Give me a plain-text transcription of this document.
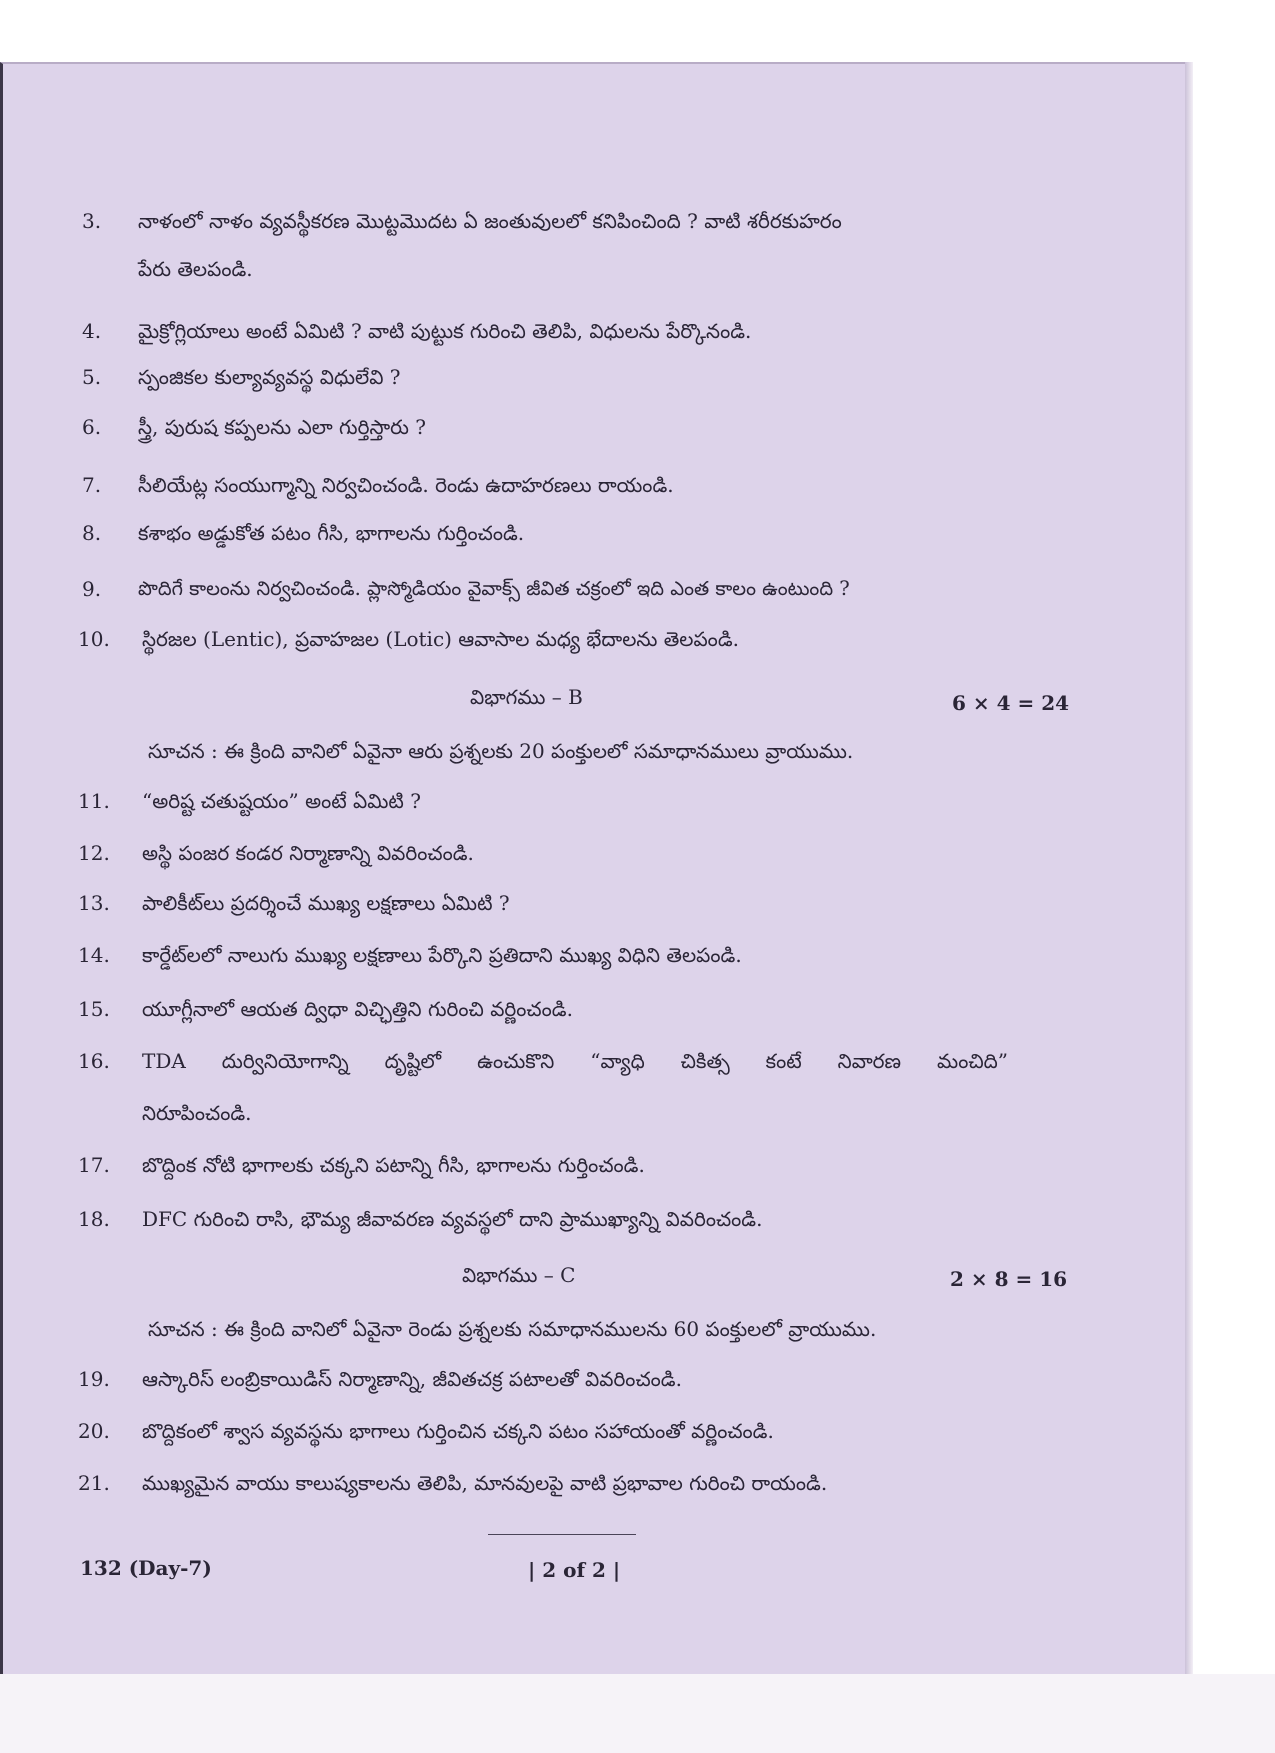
3.	నాళంలో నాళం వ్యవస్థీకరణ మొట్టమొదట ఏ జంతువులలో కనిపించింది ? వాటి శరీరకుహరం
పేరు తెలపండి.
4.	మైక్రోగ్లియాలు అంటే ఏమిటి ? వాటి పుట్టుక గురించి తెలిపి, విధులను పేర్కొనండి.
5.	స్పంజికల కుల్యావ్యవస్థ విధులేవి ?
6.	స్త్రీ, పురుష కప్పలను ఎలా గుర్తిస్తారు ?
7.	సీలియేట్ల సంయుగ్మాన్ని నిర్వచించండి. రెండు ఉదాహరణలు రాయండి.
8.	కశాభం అడ్డుకోత పటం గీసి, భాగాలను గుర్తించండి.
9.	పొదిగే కాలంను నిర్వచించండి. ప్లాస్మోడియం వైవాక్స్ జీవిత చక్రంలో ఇది ఎంత కాలం ఉంటుంది ?
10.	స్థిరజల (Lentic), ప్రవాహజల (Lotic) ఆవాసాల మధ్య భేదాలను తెలపండి.
విభాగము – B	6 × 4 = 24
సూచన : ఈ క్రింది వానిలో ఏవైనా ఆరు ప్రశ్నలకు 20 పంక్తులలో సమాధానములు వ్రాయుము.
11.	“అరిష్ట చతుష్టయం” అంటే ఏమిటి ?
12.	అస్థి పంజర కండర నిర్మాణాన్ని వివరించండి.
13.	పాలికీట్‌లు ప్రదర్శించే ముఖ్య లక్షణాలు ఏమిటి ?
14.	కార్డేట్‌లలో నాలుగు ముఖ్య లక్షణాలు పేర్కొని ప్రతిదాని ముఖ్య విధిని తెలపండి.
15.	యూగ్లీనాలో ఆయత ద్విధా విచ్ఛిత్తిని గురించి వర్ణించండి.
16.	TDA దుర్వినియోగాన్ని దృష్టిలో ఉంచుకొని “వ్యాధి చికిత్స కంటే నివారణ మంచిది”
నిరూపించండి.
17.	బొద్దింక నోటి భాగాలకు చక్కని పటాన్ని గీసి, భాగాలను గుర్తించండి.
18.	DFC గురించి రాసి, భౌమ్య జీవావరణ వ్యవస్థలో దాని ప్రాముఖ్యాన్ని వివరించండి.
విభాగము – C	2 × 8 = 16
సూచన : ఈ క్రింది వానిలో ఏవైనా రెండు ప్రశ్నలకు సమాధానములను 60 పంక్తులలో వ్రాయుము.
19.	ఆస్కారిస్ లంబ్రికాయిడిస్ నిర్మాణాన్ని, జీవితచక్ర పటాలతో వివరించండి.
20.	బొద్దికంలో శ్వాస వ్యవస్థను భాగాలు గుర్తించిన చక్కని పటం సహాయంతో వర్ణించండి.
21.	ముఖ్యమైన వాయు కాలుష్యకాలను తెలిపి, మానవులపై వాటి ప్రభావాల గురించి రాయండి.
132 (Day-7)	| 2 of 2 |
